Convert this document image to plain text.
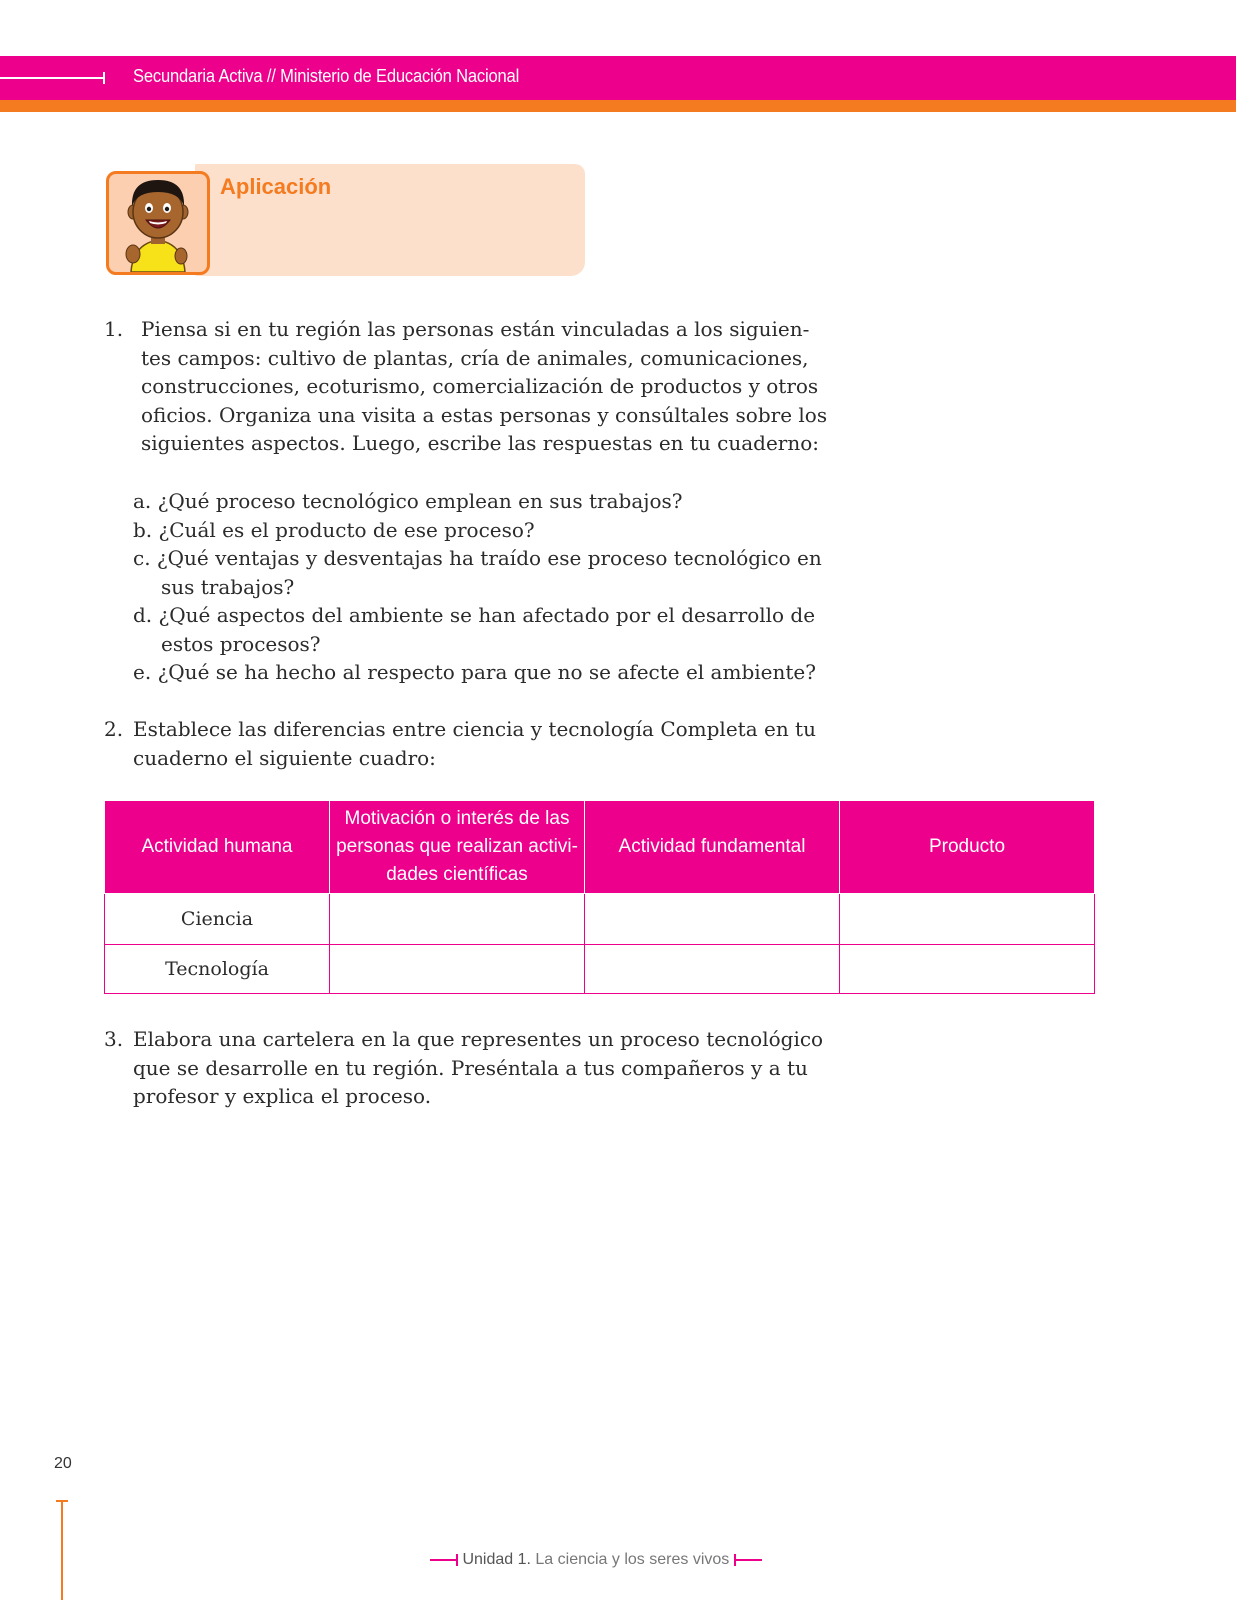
Secundaria Activa // Ministerio de Educación Nacional
Aplicación
1. Piensa si en tu región las personas están vinculadas a los siguien-
tes campos: cultivo de plantas, cría de animales, comunicaciones,
construcciones, ecoturismo, comercialización de productos y otros
oficios. Organiza una visita a estas personas y consúltales sobre los
siguientes aspectos. Luego, escribe las respuestas en tu cuaderno:
a. ¿Qué proceso tecnológico emplean en sus trabajos?
b. ¿Cuál es el producto de ese proceso?
c. ¿Qué ventajas y desventajas ha traído ese proceso tecnológico en
sus trabajos?
d. ¿Qué aspectos del ambiente se han afectado por el desarrollo de
estos procesos?
e. ¿Qué se ha hecho al respecto para que no se afecte el ambiente?
2. Establece las diferencias entre ciencia y tecnología Completa en tu
cuaderno el siguiente cuadro:
Actividad humana	Motivación o interés de las personas que realizan activi- dades científicas	Actividad fundamental	Producto
Ciencia			
Tecnología			
3. Elabora una cartelera en la que representes un proceso tecnológico
que se desarrolle en tu región. Preséntala a tus compañeros y a tu
profesor y explica el proceso.
20
Unidad 1. La ciencia y los seres vivos
